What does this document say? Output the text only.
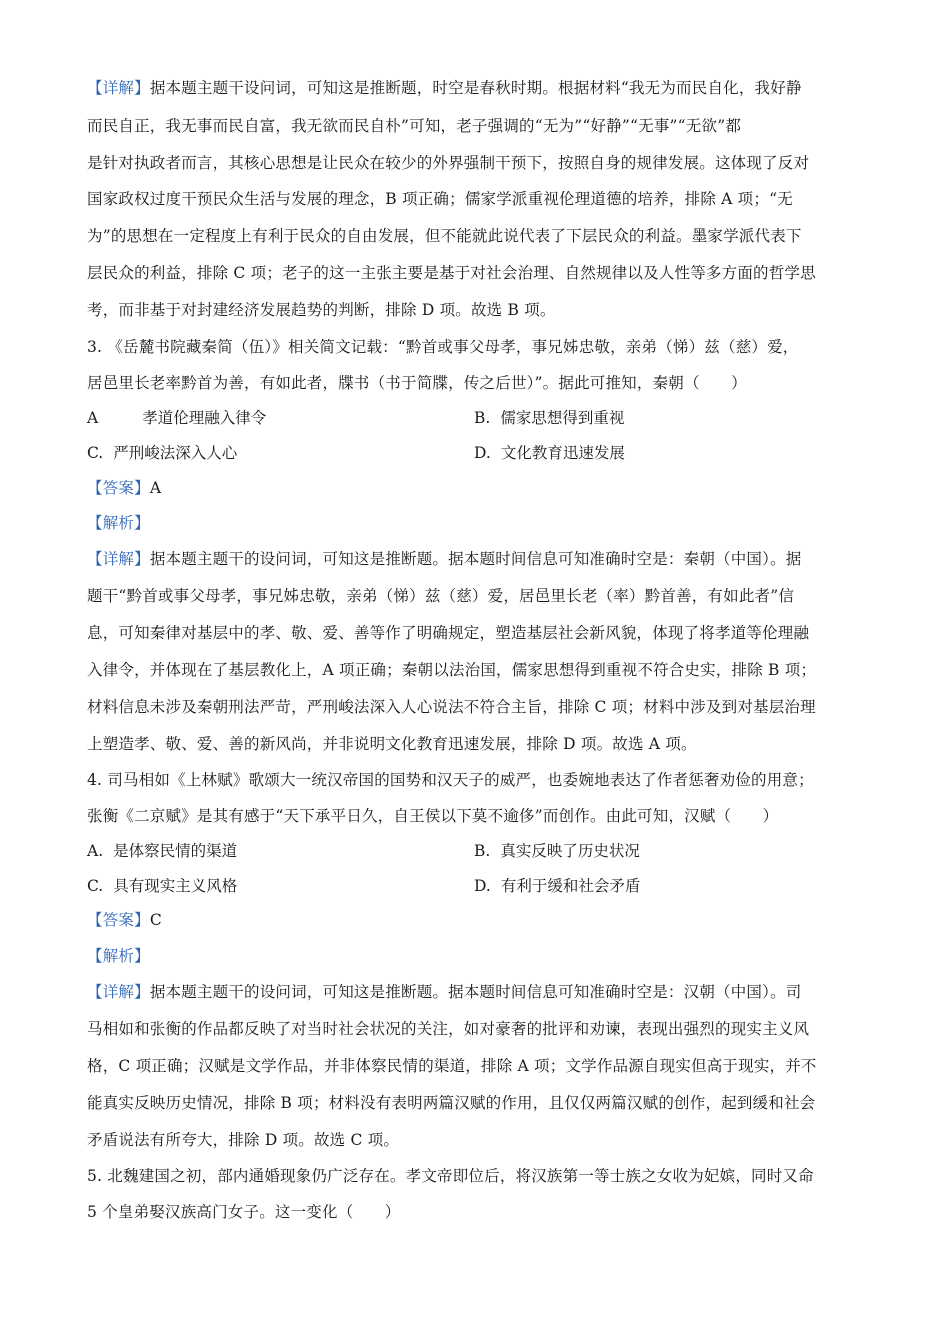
【详解】据本题主题干设问词，可知这是推断题，时空是春秋时期。根据材料“我无为而民自化，我好静
而民自正，我无事而民自富，我无欲而民自朴”可知，老子强调的“无为”“好静”“无事”“无欲”都
是针对执政者而言，其核心思想是让民众在较少的外界强制干预下，按照自身的规律发展。这体现了反对
国家政权过度干预民众生活与发展的理念，B 项正确；儒家学派重视伦理道德的培养，排除 A 项；“无
为”的思想在一定程度上有利于民众的自由发展，但不能就此说代表了下层民众的利益。墨家学派代表下
层民众的利益，排除 C 项；老子的这一主张主要是基于对社会治理、自然规律以及人性等多方面的哲学思
考，而非基于对封建经济发展趋势的判断，排除 D 项。故选 B 项。
3. 《岳麓书院藏秦简（伍）》相关简文记载：“黔首或事父母孝，事兄姊忠敬，亲弟（悌）兹（慈）爱，
居邑里长老率黔首为善，有如此者，牒书（书于简牒，传之后世）”。据此可推知，秦朝（　　）
A	孝道伦理融入律令	B. 儒家思想得到重视
C. 严刑峻法深入人心	D. 文化教育迅速发展
【答案】A
【解析】
【详解】据本题主题干的设问词，可知这是推断题。据本题时间信息可知准确时空是：秦朝（中国）。据
题干“黔首或事父母孝，事兄姊忠敬，亲弟（悌）兹（慈）爱，居邑里长老（率）黔首善，有如此者”信
息，可知秦律对基层中的孝、敬、爱、善等作了明确规定，塑造基层社会新风貌，体现了将孝道等伦理融
入律令，并体现在了基层教化上，A 项正确；秦朝以法治国，儒家思想得到重视不符合史实，排除 B 项；
材料信息未涉及秦朝刑法严苛，严刑峻法深入人心说法不符合主旨，排除 C 项；材料中涉及到对基层治理
上塑造孝、敬、爱、善的新风尚，并非说明文化教育迅速发展，排除 D 项。故选 A 项。
4. 司马相如《上林赋》歌颂大一统汉帝国的国势和汉天子的威严，也委婉地表达了作者惩奢劝俭的用意；
张衡《二京赋》是其有感于“天下承平日久，自王侯以下莫不逾侈”而创作。由此可知，汉赋（　　）
A. 是体察民情的渠道	B. 真实反映了历史状况
C. 具有现实主义风格	D. 有利于缓和社会矛盾
【答案】C
【解析】
【详解】据本题主题干的设问词，可知这是推断题。据本题时间信息可知准确时空是：汉朝（中国）。司
马相如和张衡的作品都反映了对当时社会状况的关注，如对豪奢的批评和劝谏，表现出强烈的现实主义风
格，C 项正确；汉赋是文学作品，并非体察民情的渠道，排除 A 项；文学作品源自现实但高于现实，并不
能真实反映历史情况，排除 B 项；材料没有表明两篇汉赋的作用，且仅仅两篇汉赋的创作，起到缓和社会
矛盾说法有所夸大，排除 D 项。故选 C 项。
5. 北魏建国之初，部内通婚现象仍广泛存在。孝文帝即位后，将汉族第一等士族之女收为妃嫔，同时又命
5 个皇弟娶汉族高门女子。这一变化（　　）
